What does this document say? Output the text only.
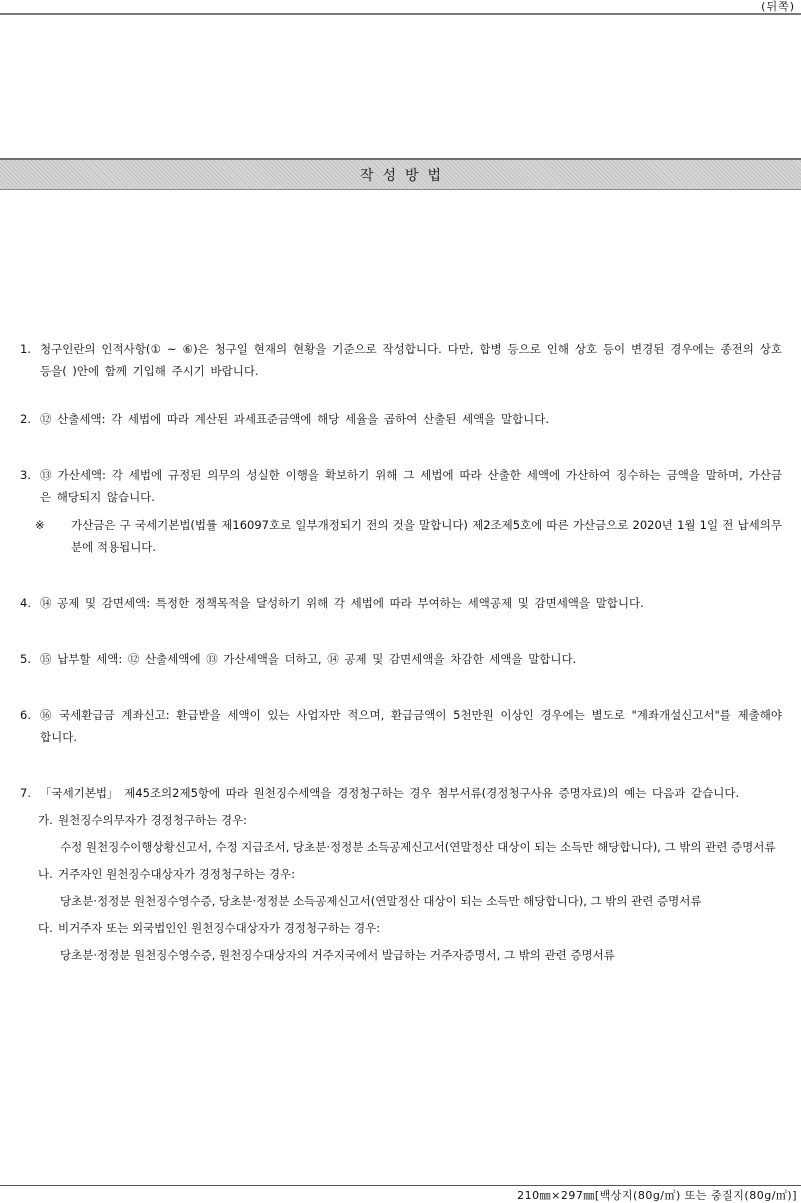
(뒤쪽)
작성방법
1. 청구인란의 인적사항(① ~ ⑥)은 청구일 현재의 현황을 기준으로 작성합니다. 다만, 합병 등으로 인해 상호 등이 변경된 경우에는 종전의 상호 등을( )안에 함께 기입해 주시기 바랍니다.
2. ⑫ 산출세액: 각 세법에 따라 계산된 과세표준금액에 해당 세율을 곱하여 산출된 세액을 말합니다.
3. ⑬ 가산세액: 각 세법에 규정된 의무의 성실한 이행을 확보하기 위해 그 세법에 따라 산출한 세액에 가산하여 징수하는 금액을 말하며, 가산금은 해당되지 않습니다.
※ 가산금은 구 국세기본법(법률 제16097호로 일부개정되기 전의 것을 말합니다) 제2조제5호에 따른 가산금으로 2020년 1월 1일 전 납세의무 분에 적용됩니다.
4. ⑭ 공제 및 감면세액: 특정한 정책목적을 달성하기 위해 각 세법에 따라 부여하는 세액공제 및 감면세액을 말합니다.
5. ⑮ 납부할 세액: ⑫ 산출세액에 ⑬ 가산세액을 더하고, ⑭ 공제 및 감면세액을 차감한 세액을 말합니다.
6. ⑯ 국세환급금 계좌신고: 환급받을 세액이 있는 사업자만 적으며, 환급금액이 5천만원 이상인 경우에는 별도로 "계좌개설신고서"를 제출해야 합니다.
7. 「국세기본법」 제45조의2제5항에 따라 원천징수세액을 경정청구하는 경우 첨부서류(경정청구사유 증명자료)의 예는 다음과 같습니다.
가. 원천징수의무자가 경정청구하는 경우:
수정 원천징수이행상황신고서, 수정 지급조서, 당초분·정정분 소득공제신고서(연말정산 대상이 되는 소득만 해당합니다), 그 밖의 관련 증명서류
나. 거주자인 원천징수대상자가 경정청구하는 경우:
당초분·정정분 원천징수영수증, 당초분·정정분 소득공제신고서(연말정산 대상이 되는 소득만 해당합니다), 그 밖의 관련 증명서류
다. 비거주자 또는 외국법인인 원천징수대상자가 경정청구하는 경우:
당초분·정정분 원천징수영수증, 원천징수대상자의 거주지국에서 발급하는 거주자증명서, 그 밖의 관련 증명서류
210㎜×297㎜[백상지(80g/㎡) 또는 중질지(80g/㎡)]
